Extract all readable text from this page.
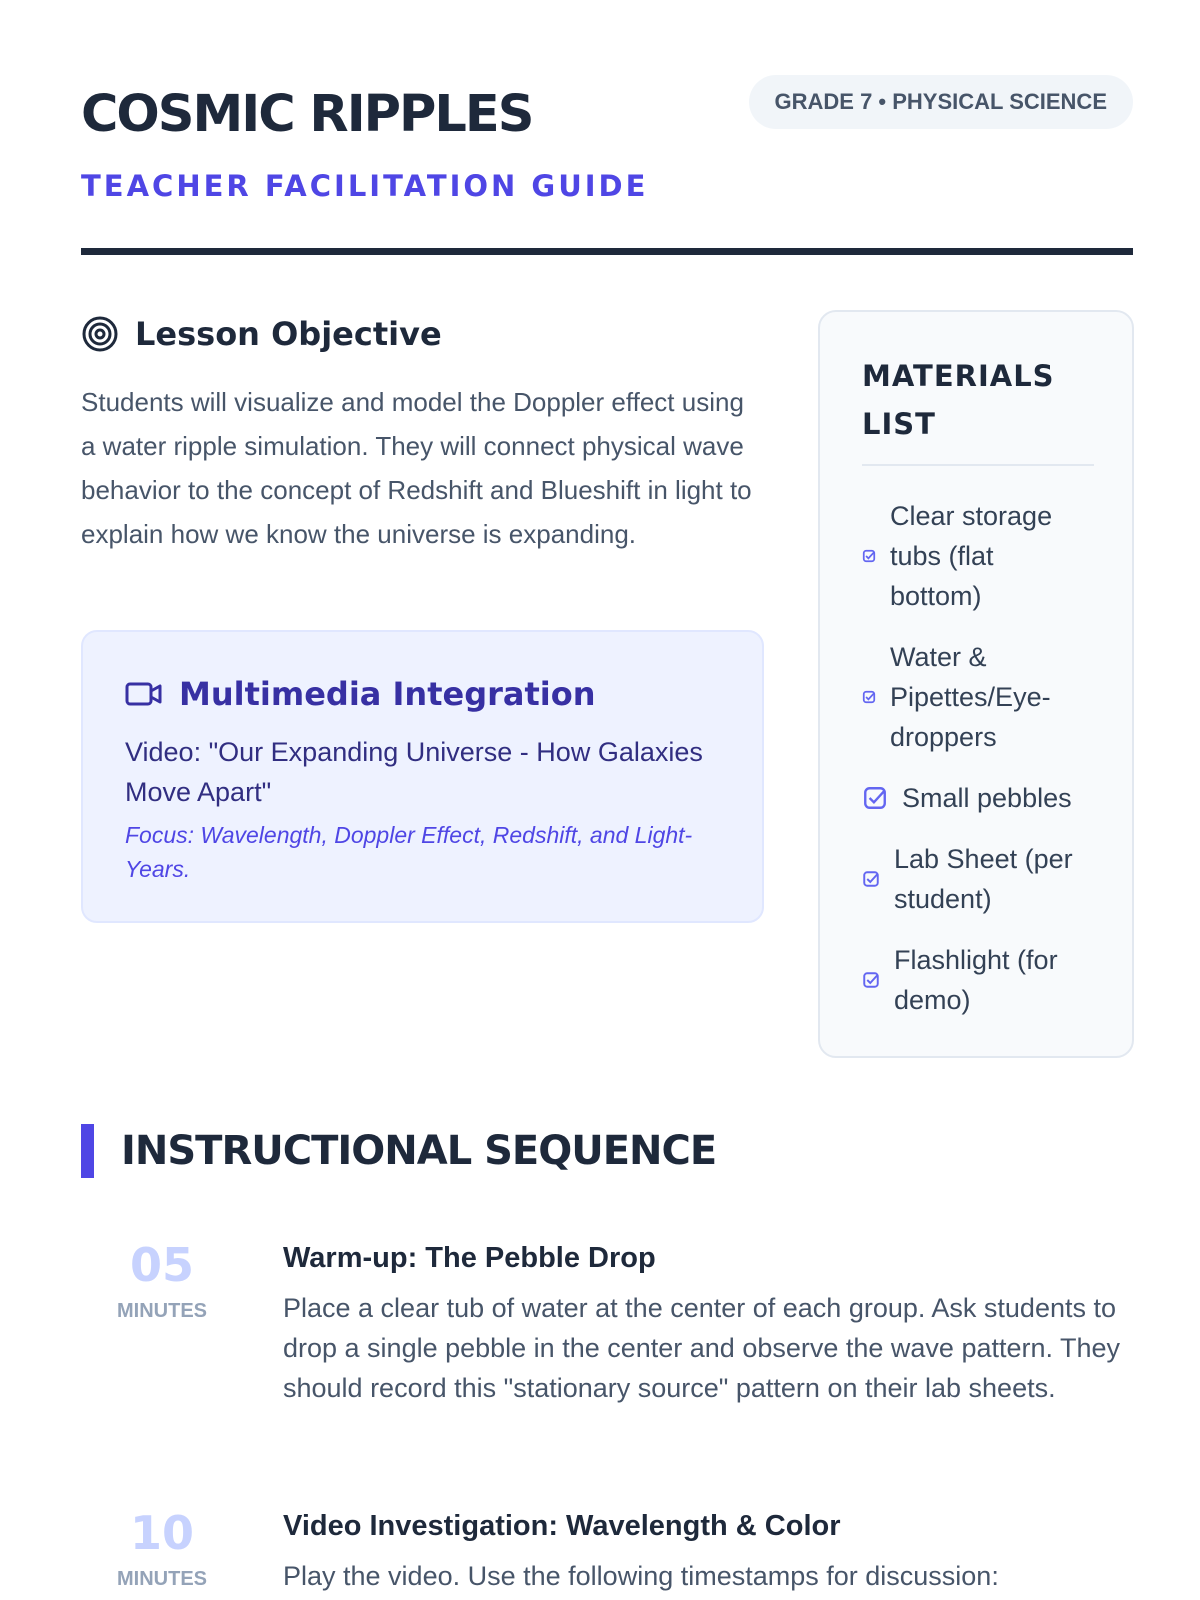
COSMIC RIPPLES
TEACHER FACILITATION GUIDE
GRADE 7 • PHYSICAL SCIENCE
Lesson Objective

Students will visualize and model the Doppler effect using a water ripple simulation. They will connect physical wave behavior to the concept of Redshift and Blueshift in light to explain how we know the universe is expanding.

Multimedia Integration

Video: "Our Expanding Universe - How Galaxies Move Apart"

Focus: Wavelength, Doppler Effect, Redshift, and Light-Years.

MATERIALS LIST
Clear storage tubs (flat bottom)
Water & Pipettes/Eye-droppers
Small pebbles
Lab Sheet (per student)
Flashlight (for demo)
INSTRUCTIONAL SEQUENCE
05
MINUTES
Warm-up: The Pebble Drop

Place a clear tub of water at the center of each group. Ask students to drop a single pebble in the center and observe the wave pattern. They should record this "stationary source" pattern on their lab sheets.

10
MINUTES
Video Investigation: Wavelength & Color

Play the video. Use the following timestamps for discussion:
